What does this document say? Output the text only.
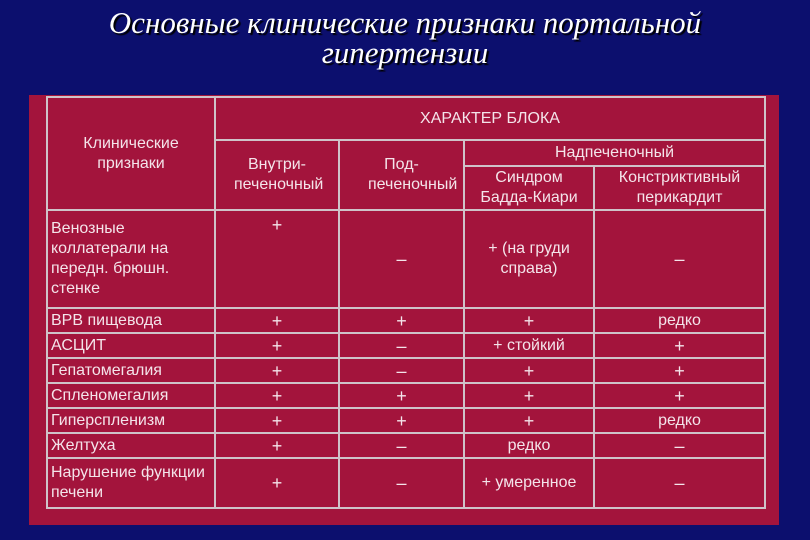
Основные клинические признаки портальной
гипертензии
Клинические признаки	ХАРАКТЕР БЛОКА			
	Внутри-печеночный	Под-печеночный	Надпеченочный	
			Синдром Бадда-Киари	Констриктивный перикардит
Венозные коллатерали на передн. брюшн. стенке	+	–	+ (на груди справа)	–
ВРВ пищевода	+	+	+	редко
АСЦИТ	+	–	+ стойкий	+
Гепатомегалия	+	–	+	+
Спленомегалия	+	+	+	+
Гиперспленизм	+	+	+	редко
Желтуха	+	–	редко	–
Нарушение функции печени	+	–	+ умеренное	–
